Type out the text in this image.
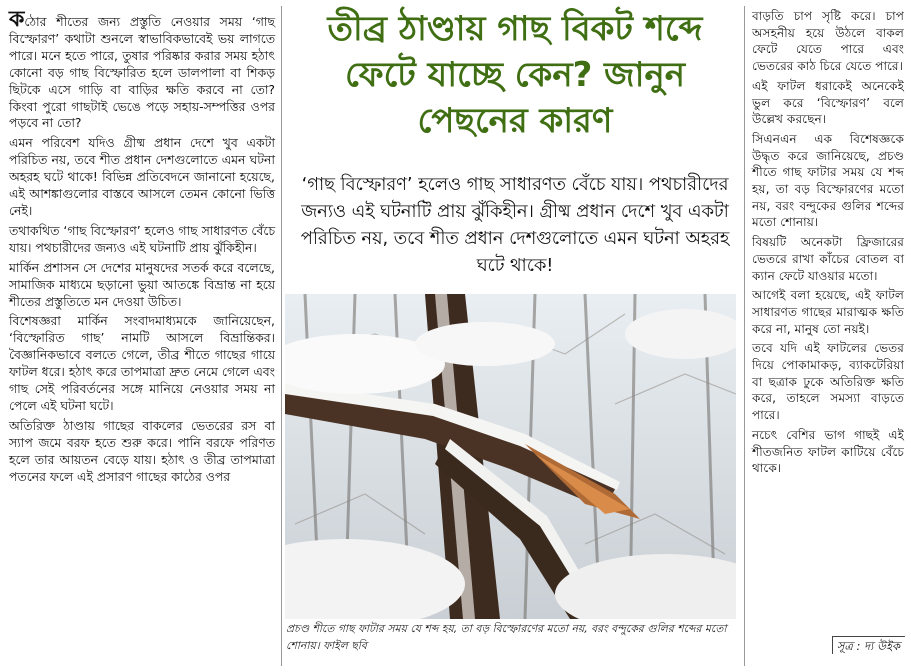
কঠোর শীতের জন্য প্রস্তুতি নেওয়ার সময় ‘গাছ বিস্ফোরণ’ কথাটা শুনলে স্বাভাবিকভাবেই ভয় লাগতে পারে। মনে হতে পারে, তুষার পরিষ্কার করার সময় হঠাৎ কোনো বড় গাছ বিস্ফোরিত হলে ডালপালা বা শিকড় ছিটকে এসে গাড়ি বা বাড়ির ক্ষতি করবে না তো? কিংবা পুরো গাছটাই ভেঙে পড়ে সহায়-সম্পত্তির ওপর পড়বে না তো?

এমন পরিবেশ যদিও গ্রীষ্ম প্রধান দেশে খুব একটা পরিচিত নয়, তবে শীত প্রধান দেশগুলোতে এমন ঘটনা অহরহ ঘটে থাকে! বিভিন্ন প্রতিবেদনে জানানো হয়েছে, এই আশঙ্কাগুলোর বাস্তবে আসলে তেমন কোনো ভিত্তি নেই।

তথাকথিত ‘গাছ বিস্ফোরণ’ হলেও গাছ সাধারণত বেঁচে যায়। পথচারীদের জন্যও এই ঘটনাটি প্রায় ঝুঁকিহীন।

মার্কিন প্রশাসন সে দেশের মানুষদের সতর্ক করে বলেছে, সামাজিক মাধ্যমে ছড়ানো ভুয়া আতঙ্কে বিভ্রান্ত না হয়ে শীতের প্রস্তুতিতে মন দেওয়া উচিত।

বিশেষজ্ঞরা মার্কিন সংবাদমাধ্যমকে জানিয়েছেন, ‘বিস্ফোরিত গাছ’ নামটি আসলে বিভ্রান্তিকর। বৈজ্ঞানিকভাবে বলতে গেলে, তীব্র শীতে গাছের গায়ে ফাটল ধরে। হঠাৎ করে তাপমাত্রা দ্রুত নেমে গেলে এবং গাছ সেই পরিবর্তনের সঙ্গে মানিয়ে নেওয়ার সময় না পেলে এই ঘটনা ঘটে।

অতিরিক্ত ঠাণ্ডায় গাছের বাকলের ভেতরের রস বা স্যাপ জমে বরফ হতে শুরু করে। পানি বরফে পরিণত হলে তার আয়তন বেড়ে যায়। হঠাৎ ও তীব্র তাপমাত্রা পতনের ফলে এই প্রসারণ গাছের কাঠের ওপর

তীব্র ঠাণ্ডায় গাছ বিকট শব্দে ফেটে যাচ্ছে কেন? জানুন পেছনের কারণ

‘গাছ বিস্ফোরণ’ হলেও গাছ সাধারণত বেঁচে যায়। পথচারীদের জন্যও এই ঘটনাটি প্রায় ঝুঁকিহীন। গ্রীষ্ম প্রধান দেশে খুব একটা পরিচিত নয়, তবে শীত প্রধান দেশগুলোতে এমন ঘটনা অহরহ ঘটে থাকে!

প্রচণ্ড শীতে গাছ ফাটার সময় যে শব্দ হয়, তা বড় বিস্ফোরণের মতো নয়, বরং বন্দুকের গুলির শব্দের মতো শোনায়। ফাইল ছবি

বাড়তি চাপ সৃষ্টি করে। চাপ অসহনীয় হয়ে উঠলে বাকল ফেটে যেতে পারে এবং ভেতরের কাঠ চিরে যেতে পারে।

এই ফাটল ধরাকেই অনেকেই ভুল করে ‘বিস্ফোরণ’ বলে উল্লেখ করছেন।

সিএনএন এক বিশেষজ্ঞকে উদ্ধৃত করে জানিয়েছে, প্রচণ্ড শীতে গাছ ফাটার সময় যে শব্দ হয়, তা বড় বিস্ফোরণের মতো নয়, বরং বন্দুকের গুলির শব্দের মতো শোনায়।

বিষয়টি অনেকটা ফ্রিজারের ভেতরে রাখা কাঁচের বোতল বা ক্যান ফেটে যাওয়ার মতো।

আগেই বলা হয়েছে, এই ফাটল সাধারণত গাছের মারাত্মক ক্ষতি করে না, মানুষ তো নয়ই।

তবে যদি এই ফাটলের ভেতর দিয়ে পোকামাকড়, ব্যাকটেরিয়া বা ছত্রাক ঢুকে অতিরিক্ত ক্ষতি করে, তাহলে সমস্যা বাড়তে পারে।

নচেৎ বেশির ভাগ গাছই এই শীতজনিত ফাটল কাটিয়ে বেঁচে থাকে।

সূত্র : দ্য উইক
